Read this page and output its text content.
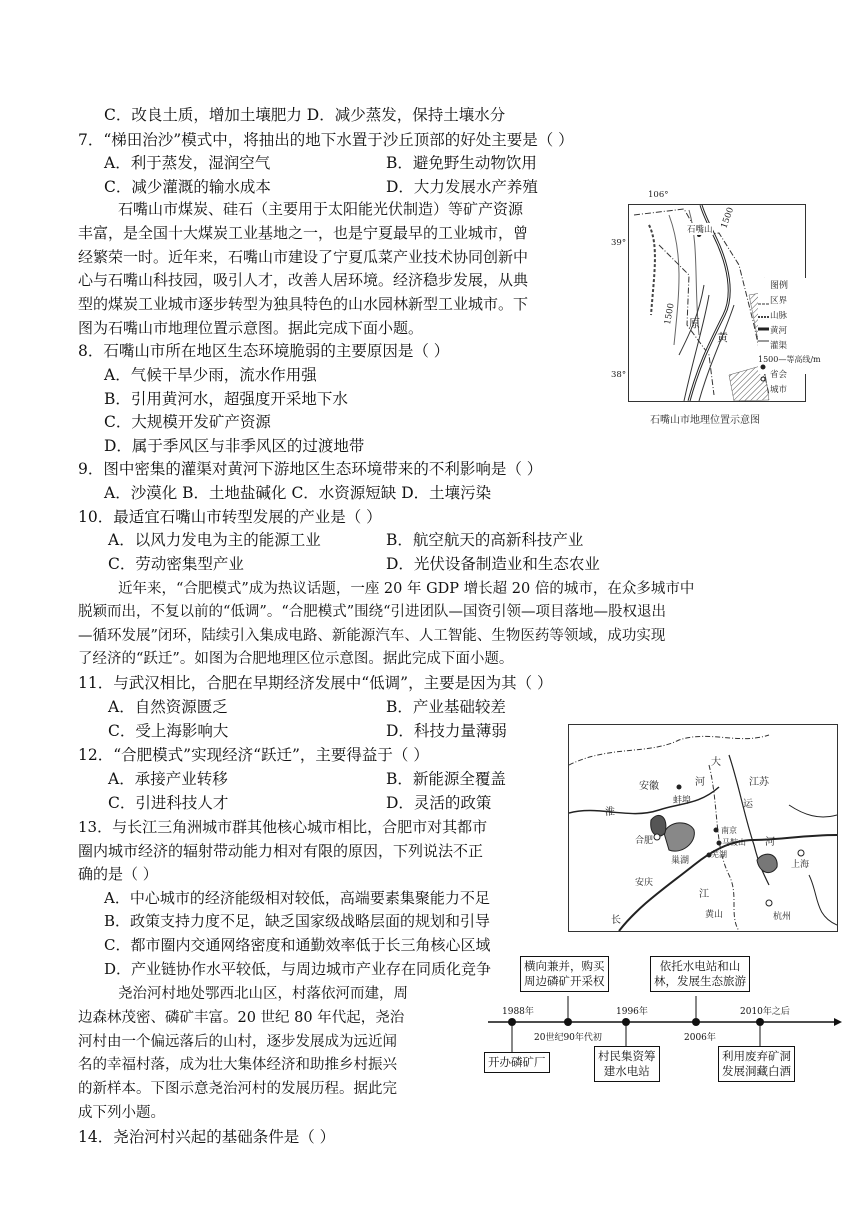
C．改良土质，增加土壤肥力 D．减少蒸发，保持土壤水分
7．“梯田治沙”模式中，将抽出的地下水置于沙丘顶部的好处主要是（ ）
A．利于蒸发，湿润空气	B．避免野生动物饮用
C．减少灌溉的输水成本	D．大力发展水产养殖
石嘴山市煤炭、硅石（主要用于太阳能光伏制造）等矿产资源
丰富，是全国十大煤炭工业基地之一，也是宁夏最早的工业城市，曾
经繁荣一时。近年来，石嘴山市建设了宁夏瓜菜产业技术协同创新中
心与石嘴山科技园，吸引人才，改善人居环境。经济稳步发展，从典
型的煤炭工业城市逐步转型为独具特色的山水园林新型工业城市。下
图为石嘴山市地理位置示意图。据此完成下面小题。
8．石嘴山市所在地区生态环境脆弱的主要原因是（ ）
A．气候干旱少雨，流水作用强
B．引用黄河水，超强度开采地下水
C．大规模开发矿产资源
D．属于季风区与非季风区的过渡地带
9．图中密集的灌渠对黄河下游地区生态环境带来的不利影响是（ ）
A．沙漠化 B．土地盐碱化 C．水资源短缺 D．土壤污染
10．最适宜石嘴山市转型发展的产业是（ ）
A．以风力发电为主的能源工业	B．航空航天的高新科技产业
C．劳动密集型产业	D．光伏设备制造业和生态农业
近年来，“合肥模式”成为热议话题，一座 20 年 GDP 增长超 20 倍的城市，在众多城市中
脱颖而出，不复以前的“低调”。“合肥模式”围绕“引进团队—国资引领—项目落地—股权退出
—循环发展”闭环，陆续引入集成电路、新能源汽车、人工智能、生物医药等领域，成功实现
了经济的“跃迁”。如图为合肥地理区位示意图。据此完成下面小题。
11．与武汉相比，合肥在早期经济发展中“低调”，主要是因为其（ ）
A．自然资源匮乏	B．产业基础较差
C．受上海影响大	D．科技力量薄弱
12．“合肥模式”实现经济“跃迁”，主要得益于（ ）
A．承接产业转移	B．新能源全覆盖
C．引进科技人才	D．灵活的政策
13．与长江三角洲城市群其他核心城市相比，合肥市对其都市
圈内城市经济的辐射带动能力相对有限的原因，下列说法不正
确的是（ ）
A．中心城市的经济能级相对较低，高端要素集聚能力不足
B．政策支持力度不足，缺乏国家级战略层面的规划和引导
C．都市圈内交通网络密度和通勤效率低于长三角核心区域
D．产业链协作水平较低，与周边城市产业存在同质化竞争
尧治河村地处鄂西北山区，村落依河而建，周
边森林茂密、磷矿丰富。20 世纪 80 年代起，尧治
河村由一个偏远落后的山村，逐步发展成为远近闻
名的幸福村落，成为壮大集体经济和助推乡村振兴
的新样本。下图示意尧治河村的发展历程。据此完
成下列小题。
14．尧治河村兴起的基础条件是（ ）
106°
石嘴山
1500
1500 原
黄
39°
38°
图例
区界
山脉
黄河
灌渠
1500—等高线/m
省会
城市
石嘴山市地理位置示意图
安徽	江苏
大
河
运
河
淮
蚌埠
合肥
巢湖
南京
马鞍山
芜湖
上海
安庆
江
黄山	杭州
长
横向兼并，购买
周边磷矿开采权
依托水电站和山
林，发展生态旅游
1988年
20世纪90年代初
1996年
2006年
2010年之后
开办磷矿厂	村民集资筹
建水电站
利用废弃矿洞
发展洞藏白酒
